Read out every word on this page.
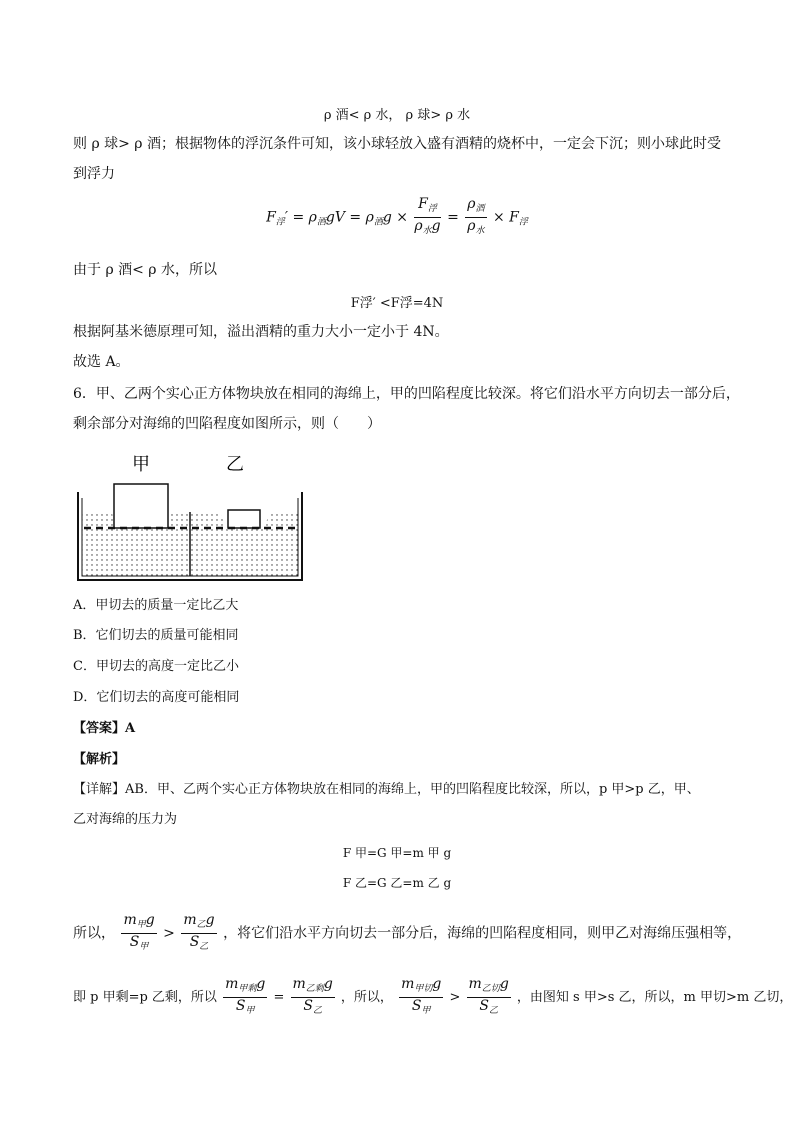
ρ 酒< ρ 水， ρ 球> ρ 水
则 ρ 球> ρ 酒；根据物体的浮沉条件可知，该小球轻放入盛有酒精的烧杯中，一定会下沉；则小球此时受
到浮力
$F_浮' = \rho_酒gV = \rho_酒g \times \frac{F_浮}{\rho_水g} = \frac{\rho_酒}{\rho_水} \times F_浮$
由于 ρ 酒< ρ 水，所以
F浮′ <F浮=4N
根据阿基米德原理可知，溢出酒精的重力大小一定小于 4N。
故选 A。
6．甲、乙两个实心正方体物块放在相同的海绵上，甲的凹陷程度比较深。将它们沿水平方向切去一部分后，
剩余部分对海绵的凹陷程度如图所示，则（　　）
甲	乙
A．甲切去的质量一定比乙大
B．它们切去的质量可能相同
C．甲切去的高度一定比乙小
D．它们切去的高度可能相同
【答案】A
【解析】
【详解】AB．甲、乙两个实心正方体物块放在相同的海绵上，甲的凹陷程度比较深，所以，p 甲>p 乙，甲、
乙对海绵的压力为
F 甲=G 甲=m 甲 g
F 乙=G 乙=m 乙 g
所以， $\frac{m_甲g}{S_甲} > \frac{m_乙g}{S_乙}$ ，将它们沿水平方向切去一部分后，海绵的凹陷程度相同，则甲乙对海绵压强相等，
即 p 甲剩=p 乙剩，所以 $\frac{m_{甲剩}g}{S_甲} = \frac{m_{乙剩}g}{S_乙}$ ，所以， $\frac{m_{甲切}g}{S_甲} > \frac{m_{乙切}g}{S_乙}$ ，由图知 s 甲>s 乙，所以，m 甲切>m 乙切，
